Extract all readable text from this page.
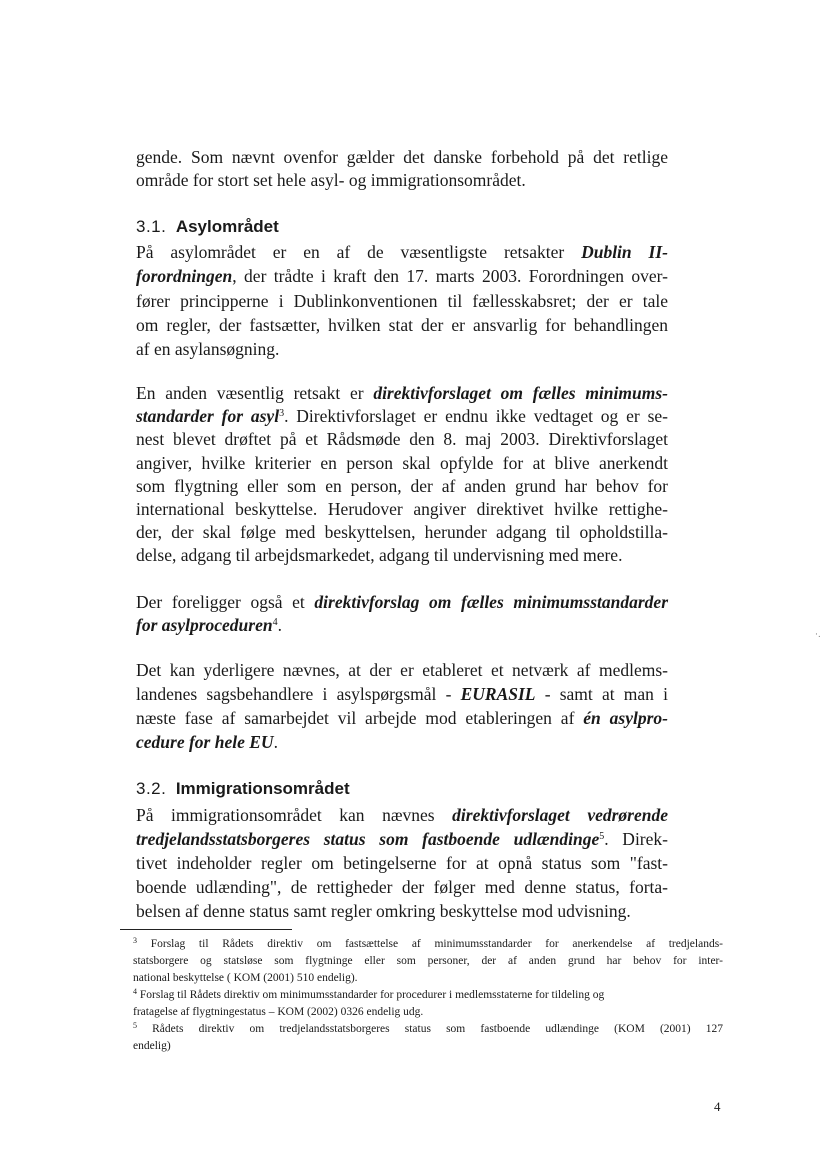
gende. Som nævnt ovenfor gælder det danske forbehold på det retlige
område for stort set hele asyl- og immigrationsområdet.
3.1. Asylområdet
På asylområdet er en af de væsentligste retsakter Dublin II-
forordningen, der trådte i kraft den 17. marts 2003. Forordningen over-
fører principperne i Dublinkonventionen til fællesskabsret; der er tale
om regler, der fastsætter, hvilken stat der er ansvarlig for behandlingen
af en asylansøgning.
En anden væsentlig retsakt er direktivforslaget om fælles minimums-
standarder for asyl$^3$. Direktivforslaget er endnu ikke vedtaget og er se-
nest blevet drøftet på et Rådsmøde den 8. maj 2003. Direktivforslaget
angiver, hvilke kriterier en person skal opfylde for at blive anerkendt
som flygtning eller som en person, der af anden grund har behov for
international beskyttelse. Herudover angiver direktivet hvilke rettighe-
der, der skal følge med beskyttelsen, herunder adgang til opholdstilla-
delse, adgang til arbejdsmarkedet, adgang til undervisning med mere.
Der foreligger også et direktivforslag om fælles minimumsstandarder
for asylproceduren$^4$.
Det kan yderligere nævnes, at der er etableret et netværk af medlems-
landenes sagsbehandlere i asylspørgsmål - EURASIL - samt at man i
næste fase af samarbejdet vil arbejde mod etableringen af én asylpro-
cedure for hele EU.
3.2. Immigrationsområdet
På immigrationsområdet kan nævnes direktivforslaget vedrørende
tredjelandsstatsborgeres status som fastboende udlændinge$^5$. Direk-
tivet indeholder regler om betingelserne for at opnå status som "fast-
boende udlænding", de rettigheder der følger med denne status, forta-
belsen af denne status samt regler omkring beskyttelse mod udvisning.
$^3$ Forslag til Rådets direktiv om fastsættelse af minimumsstandarder for anerkendelse af tredjelands-
statsborgere og statsløse som flygtninge eller som personer, der af anden grund har behov for inter-
national beskyttelse ( KOM (2001) 510 endelig).
$^4$ Forslag til Rådets direktiv om minimumsstandarder for procedurer i medlemsstaterne for tildeling og
fratagelse af flygtningestatus – KOM (2002) 0326 endelig udg.
$^5$ Rådets direktiv om tredjelandsstatsborgeres status som fastboende udlændinge (KOM (2001) 127
endelig)
4
·.
